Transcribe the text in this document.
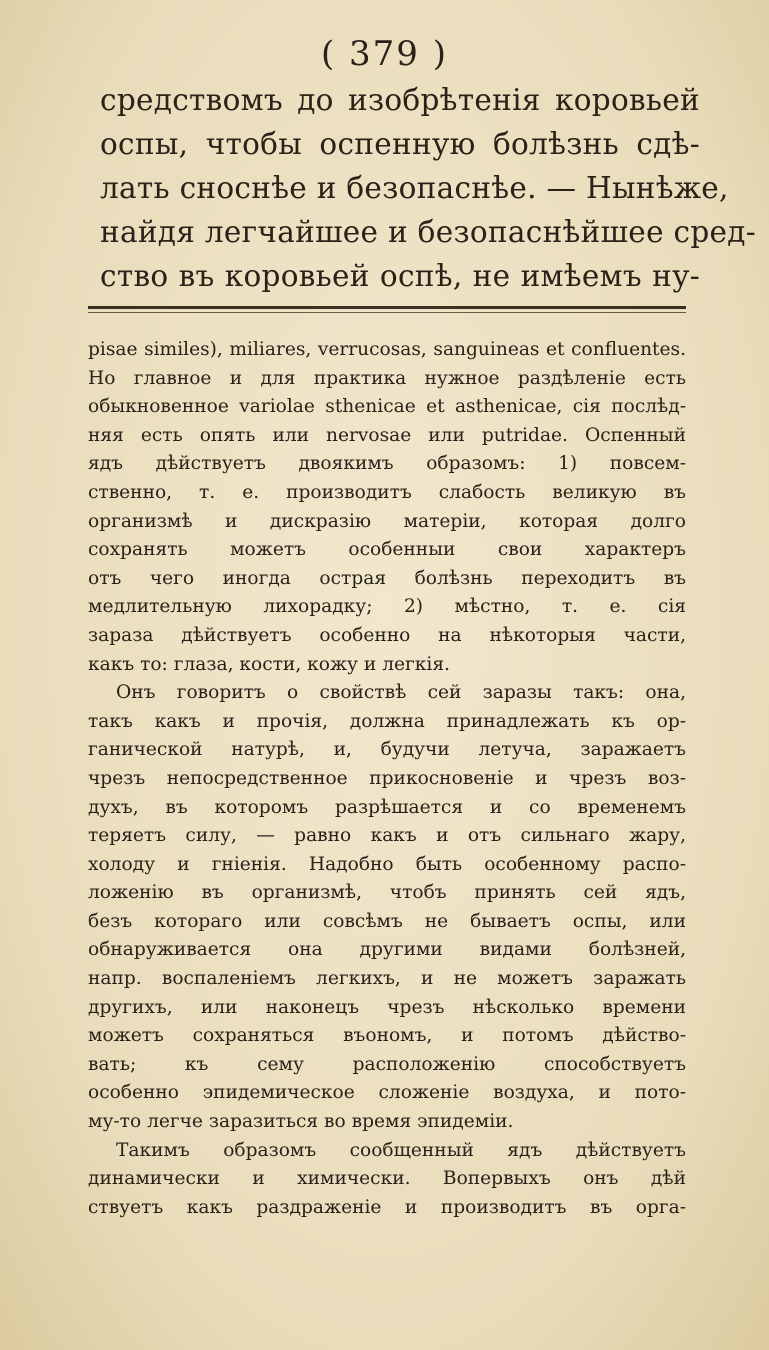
( 379 )
средствомъ до изобрѣтенія коровьей
оспы, чтобы оспенную болѣзнь сдѣ-
лать сноснѣе и безопаснѣе. — Нынѣже,
найдя легчайшее и безопаснѣйшее сред-
ство въ коровьей оспѣ, не имѣемъ ну-
pisae similes), miliares, verrucosas, sanguineas et confluentes.
Но главное и для практика нужное раздѣленіе есть
обыкновенное variolae sthenicae et asthenicae, сія послѣд-
няя есть опять или nervosae или putridae. Оспенный
ядъ дѣйствуетъ двоякимъ образомъ: 1) повсем-
ственно, т. е. производитъ слабость великую въ
организмѣ и дискразію матеріи, которая долго
сохранять можетъ особенныи свои характеръ
отъ чего иногда острая болѣзнь переходитъ въ
медлительную лихорадку; 2) мѣстно, т. е. сія
зараза дѣйствуетъ особенно на нѣкоторыя части,
какъ то: глаза, кости, кожу и легкія.
Онъ говоритъ о свойствѣ сей заразы такъ: она,
такъ какъ и прочія, должна принадлежать къ ор-
ганической натурѣ, и, будучи летуча, заражаетъ
чрезъ непосредственное прикосновеніе и чрезъ воз-
духъ, въ которомъ разрѣшается и со временемъ
теряетъ силу, — равно какъ и отъ сильнаго жару,
холоду и гніенія. Надобно быть особенному распо-
ложенію въ организмѣ, чтобъ принять сей ядъ,
безъ котораго или совсѣмъ не бываетъ оспы, или
обнаруживается она другими видами болѣзней,
напр. воспаленіемъ легкихъ, и не можетъ заражать
другихъ, или наконецъ чрезъ нѣсколько времени
можетъ сохраняться въономъ, и потомъ дѣйство-
вать; къ сему расположенію способствуетъ
особенно эпидемическое сложеніе воздуха, и пото-
му-то легче заразиться во время эпидеміи.
Такимъ образомъ сообщенный ядъ дѣйствуетъ
динамически и химически. Вопервыхъ онъ дѣй
ствуетъ какъ раздраженіе и производитъ въ орга-
